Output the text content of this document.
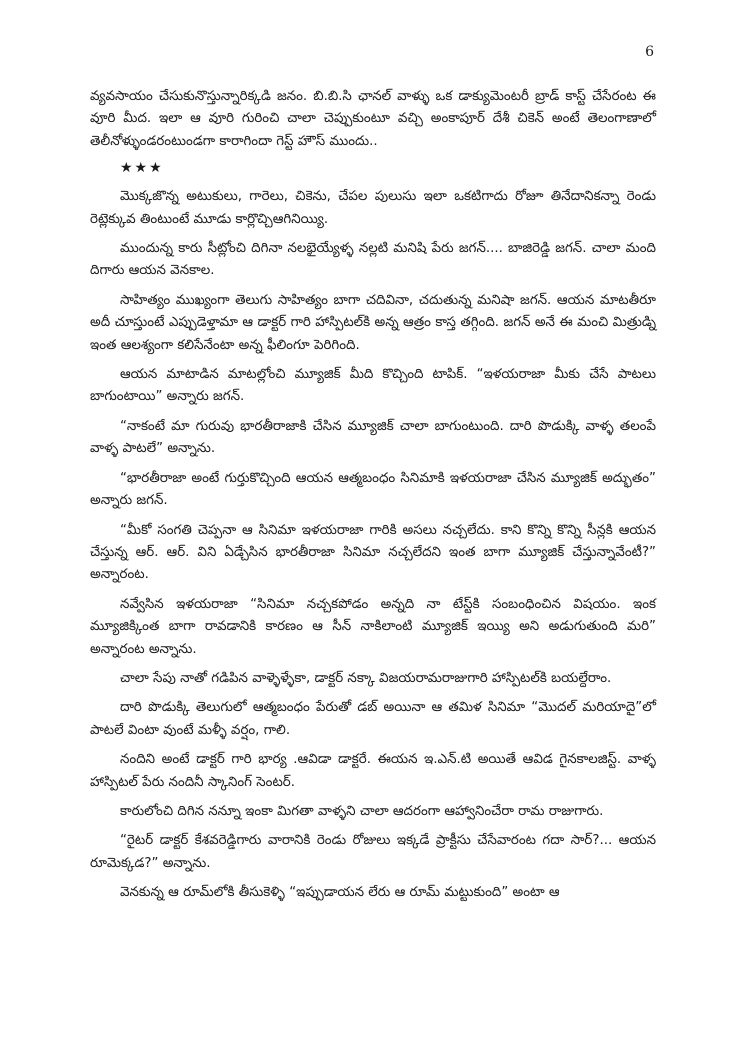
6

వ్యవసాయం చేసుకునొస్తున్నారిక్కడి జనం. బి.బి.సి ఛానల్ వాళ్ళు ఒక డాక్యుమెంటరీ బ్రాడ్ కాస్ట్ చేసేరంట ఈ వూరి మీద. ఇలా ఆ వూరి గురించి చాలా చెప్పుకుంటూ వచ్చి అంకాపూర్ దేశీ చికెన్ అంటే తెలంగాణాలో తెలీనోళ్ళుండరంటుండగా కారాగిందా గెస్ట్ హౌస్ ముందు..

★★★

మొక్కజొన్న అటుకులు, గారెలు, చికెను, చేపల పులుసు ఇలా ఒకటిగాదు రోజూ తినేదానికన్నా రెండు రెట్లెక్కువ తింటుంటే మూడు కార్లొచ్చిఆగినియ్యి.

ముందున్న కారు సీట్లోంచి దిగినా నలభైయ్యేళ్ళ నల్లటి మనిషి పేరు జగన్.... బాజిరెడ్డి జగన్. చాలా మంది దిగారు ఆయన వెనకాల.

సాహిత్యం ముఖ్యంగా తెలుగు సాహిత్యం బాగా చదివినా, చదుతున్న మనిషా జగన్. ఆయన మాటతీరూ అదీ చూస్తుంటే ఎప్పుడెళ్తామా ఆ డాక్టర్ గారి హాస్పిటల్‌కి అన్న ఆత్రం కాస్త తగ్గింది. జగన్ అనే ఈ మంచి మిత్రుడ్ని ఇంత ఆలశ్యంగా కలిసేనేంటా అన్న ఫీలింగూ పెరిగింది.

ఆయన మాటాడిన మాటల్లోంచి మ్యూజిక్ మీది కొచ్చింది టాపిక్. “ఇళయరాజా మీకు చేసే పాటలు బాగుంటాయి” అన్నారు జగన్.

“నాకంటే మా గురువు భారతీరాజాకి చేసిన మ్యూజిక్ చాలా బాగుంటుంది. దారి పొడుక్కి వాళ్ళ తలంపే వాళ్ళ పాటలే” అన్నాను.

“భారతీరాజా అంటే గుర్తుకొచ్చింది ఆయన ఆత్మబంధం సినిమాకి ఇళయరాజా చేసిన మ్యూజిక్ అద్భుతం” అన్నారు జగన్.

“మీకో సంగతి చెప్పనా ఆ సినిమా ఇళయరాజా గారికి అసలు నచ్చలేదు. కాని కొన్ని కొన్ని సీన్లకి ఆయన చేస్తున్న ఆర్. ఆర్. విని ఏడ్చేసిన భారతీరాజా సినిమా నచ్చలేదని ఇంత బాగా మ్యూజిక్ చేస్తున్నావేంటీ?” అన్నారంట.

నవ్వేసిన ఇళయరాజా “సినిమా నచ్చకపోడం అన్నది నా టేస్ట్‌కి సంబంధించిన విషయం. ఇంక మ్యూజిక్కింత బాగా రావడానికి కారణం ఆ సీన్ నాకిలాంటి మ్యూజిక్ ఇయ్యి అని అడుగుతుంది మరి” అన్నారంట అన్నాను.

చాలా సేపు నాతో గడిపిన వాళ్ళెళ్ళేకా, డాక్టర్ నక్కా విజయరామరాజుగారి హాస్పిటల్‌కి బయల్దేరాం.

దారి పొడుక్కి తెలుగులో ఆత్మబంధం పేరుతో డబ్ అయినా ఆ తమిళ సినిమా “మొదల్ మరియాదై”లో పాటలే వింటా వుంటే మళ్ళీ వర్షం, గాలి.

నందిని అంటే డాక్టర్ గారి భార్య .ఆవిడా డాక్టరే. ఈయన ఇ.ఎన్.టి అయితే ఆవిడ గైనకాలజిస్ట్. వాళ్ళ హాస్పిటల్ పేరు నందినీ స్కానింగ్ సెంటర్.

కారులోంచి దిగిన నన్నూ ఇంకా మిగతా వాళ్ళని చాలా ఆదరంగా ఆహ్వానించేరా రామ రాజుగారు.

“రైటర్ డాక్టర్ కేశవరెడ్డిగారు వారానికి రెండు రోజులు ఇక్కడే ప్రాక్టీసు చేసేవారంట గదా సార్?... ఆయన రూమెక్కడ?” అన్నాను.

వెనకున్న ఆ రూమ్‌లోకి తీసుకెళ్ళి “ఇప్పుడాయన లేరు ఆ రూమ్ మట్టుకుంది” అంటా ఆ
